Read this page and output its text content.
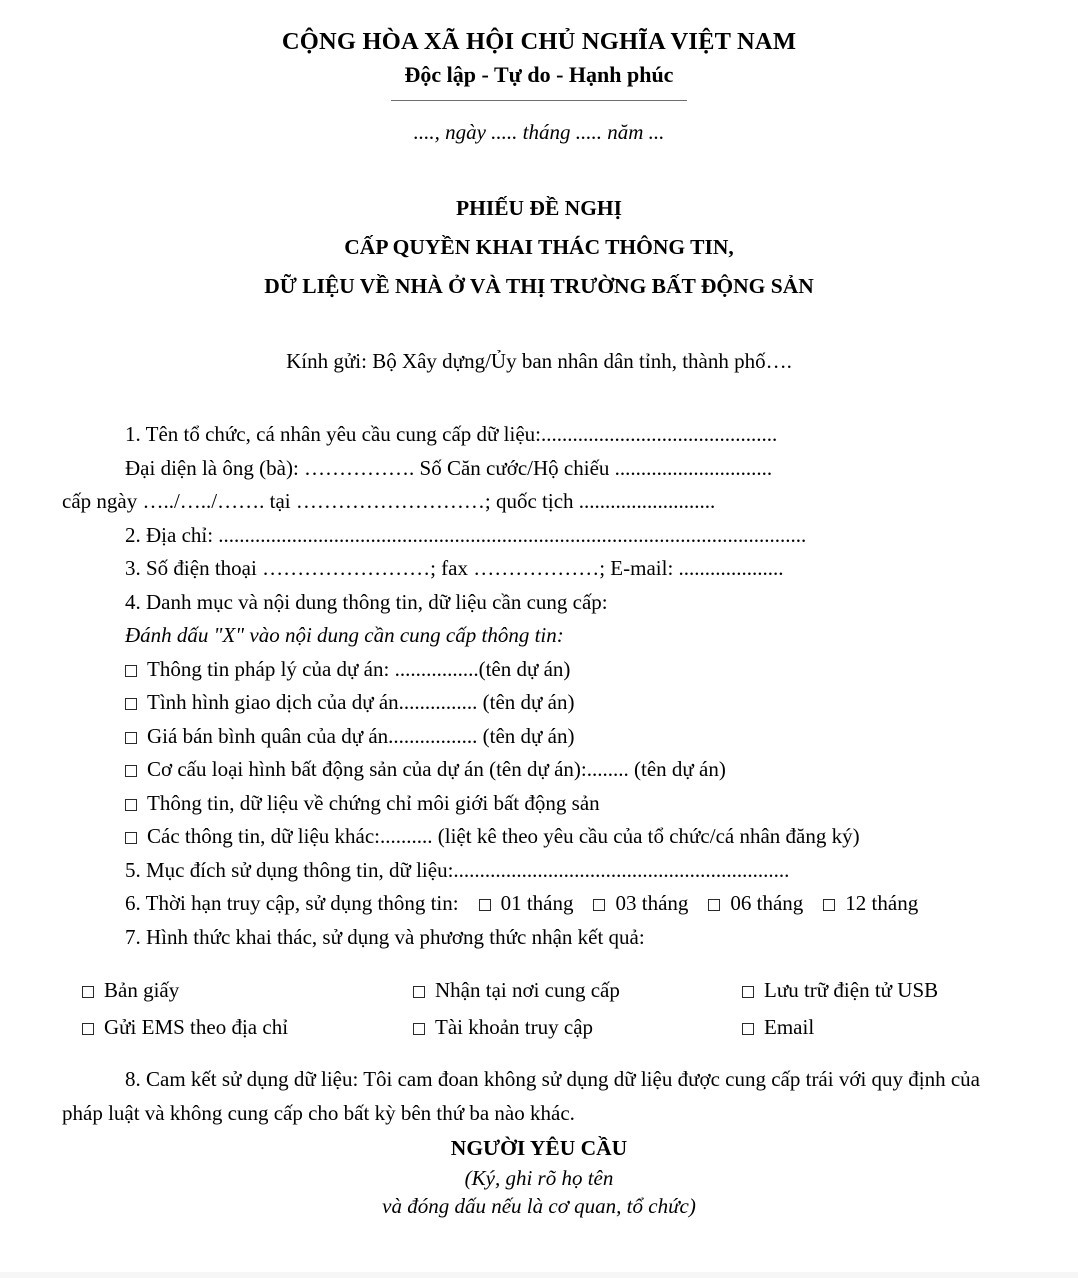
CỘNG HÒA XÃ HỘI CHỦ NGHĨA VIỆT NAM
Độc lập - Tự do - Hạnh phúc
...., ngày ..... tháng ..... năm ...
PHIẾU ĐỀ NGHỊ
CẤP QUYỀN KHAI THÁC THÔNG TIN,
DỮ LIỆU VỀ NHÀ Ở VÀ THỊ TRƯỜNG BẤT ĐỘNG SẢN
Kính gửi: Bộ Xây dựng/Ủy ban nhân dân tỉnh, thành phố….
1. Tên tổ chức, cá nhân yêu cầu cung cấp dữ liệu:.............................................
Đại diện là ông (bà): ……………. Số Căn cước/Hộ chiếu ..............................
cấp ngày …../…../……. tại ………………………; quốc tịch ..........................
2. Địa chỉ: ................................................................................................................
3. Số điện thoại ……………………; fax ………………; E-mail: ....................
4. Danh mục và nội dung thông tin, dữ liệu cần cung cấp:
Đánh dấu "X" vào nội dung cần cung cấp thông tin:
Thông tin pháp lý của dự án: ................(tên dự án)
Tình hình giao dịch của dự án............... (tên dự án)
Giá bán bình quân của dự án................. (tên dự án)
Cơ cấu loại hình bất động sản của dự án (tên dự án):........ (tên dự án)
Thông tin, dữ liệu về chứng chỉ môi giới bất động sản
Các thông tin, dữ liệu khác:.......... (liệt kê theo yêu cầu của tổ chức/cá nhân đăng ký)
5. Mục đích sử dụng thông tin, dữ liệu:................................................................
6. Thời hạn truy cập, sử dụng thông tin: 01 tháng 03 tháng 06 tháng 12 tháng
7. Hình thức khai thác, sử dụng và phương thức nhận kết quả:
Bản giấy	Nhận tại nơi cung cấp	Lưu trữ điện tử USB
Gửi EMS theo địa chỉ	Tài khoản truy cập	Email
8. Cam kết sử dụng dữ liệu: Tôi cam đoan không sử dụng dữ liệu được cung cấp trái với quy định của pháp luật và không cung cấp cho bất kỳ bên thứ ba nào khác.
NGƯỜI YÊU CẦU
(Ký, ghi rõ họ tên
và đóng dấu nếu là cơ quan, tổ chức)
